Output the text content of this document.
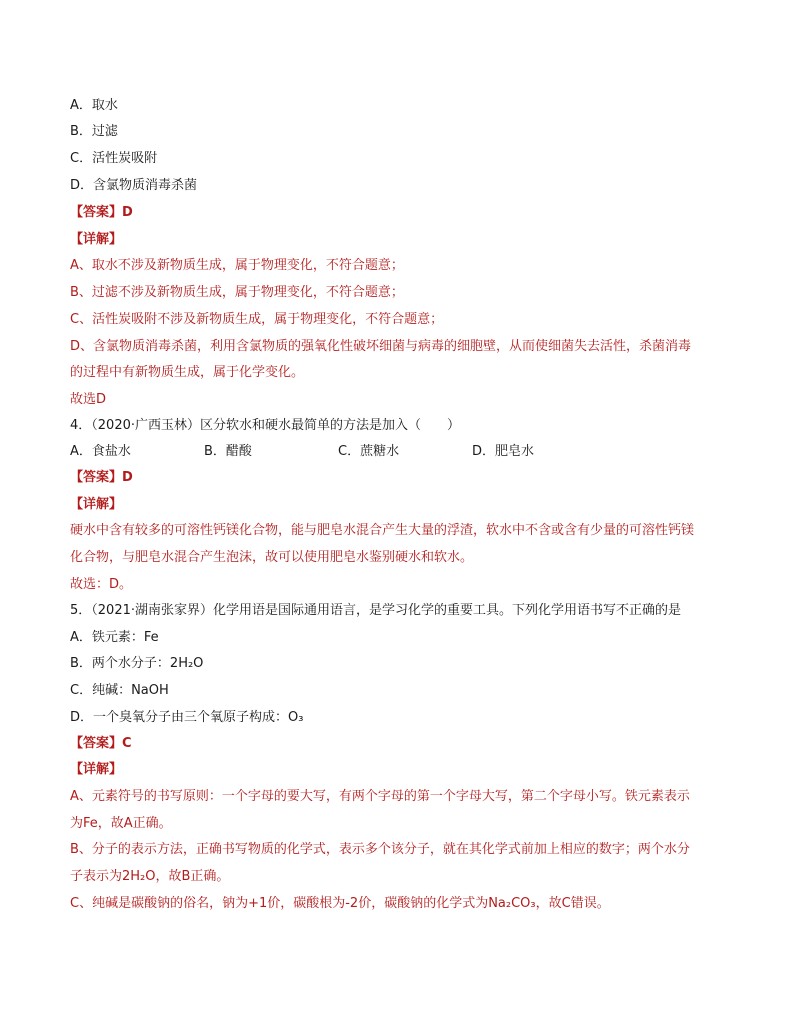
A．取水
B．过滤
C．活性炭吸附
D．含氯物质消毒杀菌
【答案】D
【详解】
A、取水不涉及新物质生成，属于物理变化，不符合题意；
B、过滤不涉及新物质生成，属于物理变化，不符合题意；
C、活性炭吸附不涉及新物质生成，属于物理变化，不符合题意；
D、含氯物质消毒杀菌，利用含氯物质的强氧化性破坏细菌与病毒的细胞壁，从而使细菌失去活性，杀菌消毒
的过程中有新物质生成，属于化学变化。
故选D
4．（2020·广西玉林）区分软水和硬水最简单的方法是加入（　　）
A．食盐水	B．醋酸	C．蔗糖水	D．肥皂水
【答案】D
【详解】
硬水中含有较多的可溶性钙镁化合物，能与肥皂水混合产生大量的浮渣，软水中不含或含有少量的可溶性钙镁
化合物，与肥皂水混合产生泡沫，故可以使用肥皂水鉴别硬水和软水。
故选：D。
5．（2021·湖南张家界）化学用语是国际通用语言，是学习化学的重要工具。下列化学用语书写不正确的是
A．铁元素：Fe
B．两个水分子：2H₂O
C．纯碱：NaOH
D．一个臭氧分子由三个氧原子构成：O₃
【答案】C
【详解】
A、元素符号的书写原则：一个字母的要大写，有两个字母的第一个字母大写，第二个字母小写。铁元素表示
为Fe，故A正确。
B、分子的表示方法，正确书写物质的化学式，表示多个该分子，就在其化学式前加上相应的数字；两个水分
子表示为2H₂O，故B正确。
C、纯碱是碳酸钠的俗名，钠为+1价，碳酸根为-2价，碳酸钠的化学式为Na₂CO₃，故C错误。
